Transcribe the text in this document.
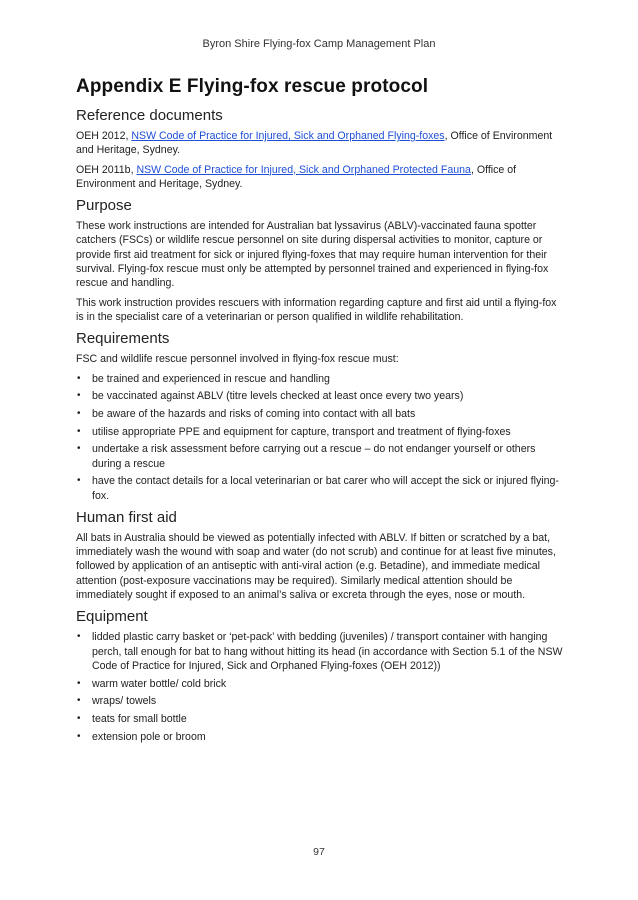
Byron Shire Flying-fox Camp Management Plan
Appendix E Flying-fox rescue protocol
Reference documents

OEH 2012, NSW Code of Practice for Injured, Sick and Orphaned Flying-foxes, Office of Environment and Heritage, Sydney.

OEH 2011b, NSW Code of Practice for Injured, Sick and Orphaned Protected Fauna, Office of Environment and Heritage, Sydney.

Purpose

These work instructions are intended for Australian bat lyssavirus (ABLV)-vaccinated fauna spotter catchers (FSCs) or wildlife rescue personnel on site during dispersal activities to monitor, capture or provide first aid treatment for sick or injured flying-foxes that may require human intervention for their survival. Flying-fox rescue must only be attempted by personnel trained and experienced in flying-fox rescue and handling.

This work instruction provides rescuers with information regarding capture and first aid until a flying-fox is in the specialist care of a veterinarian or person qualified in wildlife rehabilitation.

Requirements

FSC and wildlife rescue personnel involved in flying-fox rescue must:

• be trained and experienced in rescue and handling
• be vaccinated against ABLV (titre levels checked at least once every two years)
• be aware of the hazards and risks of coming into contact with all bats
• utilise appropriate PPE and equipment for capture, transport and treatment of flying-foxes
• undertake a risk assessment before carrying out a rescue – do not endanger yourself or others during a rescue
• have the contact details for a local veterinarian or bat carer who will accept the sick or injured flying-fox.
Human first aid

All bats in Australia should be viewed as potentially infected with ABLV. If bitten or scratched by a bat, immediately wash the wound with soap and water (do not scrub) and continue for at least five minutes, followed by application of an antiseptic with anti-viral action (e.g. Betadine), and immediate medical attention (post-exposure vaccinations may be required). Similarly medical attention should be immediately sought if exposed to an animal’s saliva or excreta through the eyes, nose or mouth.

Equipment
• lidded plastic carry basket or ‘pet-pack’ with bedding (juveniles) / transport container with hanging perch, tall enough for bat to hang without hitting its head (in accordance with Section 5.1 of the NSW Code of Practice for Injured, Sick and Orphaned Flying-foxes (OEH 2012))
• warm water bottle/ cold brick
• wraps/ towels
• teats for small bottle
• extension pole or broom
97
